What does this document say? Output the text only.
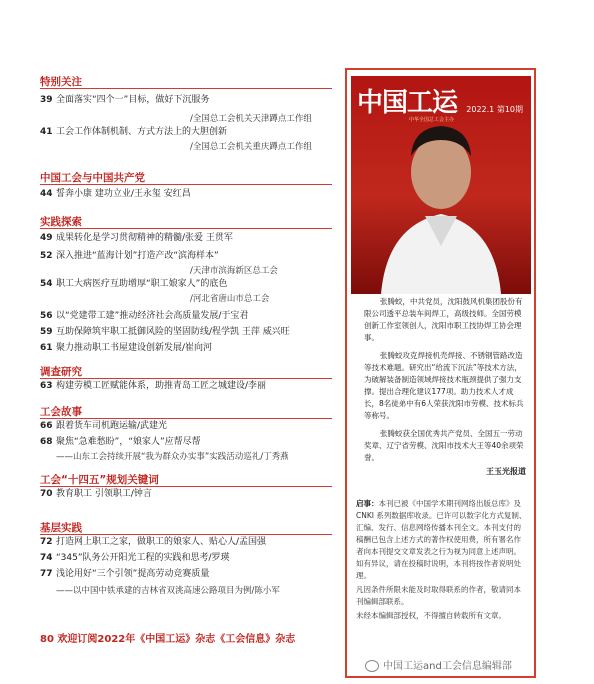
特别关注
39 全面落实“四个一”目标，做好下沉服务
/全国总工会机关天津蹲点工作组
41 工会工作体制机制、方式方法上的大胆创新
/全国总工会机关重庆蹲点工作组
中国工会与中国共产党
44 誓奔小康 建功立业/王永玺 安红昌
实践探索
49 成果转化是学习贯彻精神的精髓/张爱 王贯军
52 深入推进“蓝海计划”打造产改“滨海样本”
/天津市滨海新区总工会
54 职工大病医疗互助增厚“职工娘家人”的底色
/河北省唐山市总工会
56 以“党建带工建”推动经济社会高质量发展/于宝君
59 互助保障筑牢职工抵御风险的坚固防线/程学凯 王萍 威兴旺
61 聚力推动职工书屋建设创新发展/崔向河
调查研究
63 构建劳模工匠赋能体系，助推青岛工匠之城建设/李丽
工会故事
66 跟着货车司机跑运输/武建光
68 聚焦“急难愁盼”，“娘家人”应帮尽帮
——山东工会持续开展“我为群众办实事”实践活动巡礼/丁秀燕
工会“十四五”规划关键词
70 教育职工 引领职工/钟言
基层实践
72 打造网上职工之家，做职工的娘家人、贴心人/孟国强
74 “345”队务公开阳光工程的实践和思考/罗瑛
77 浅论用好“三个引领”提高劳动竞赛质量
——以中国中铁承建的吉林省双洮高速公路项目为例/陈小军
中国工运 2022.1 第10期
中华全国总工会主办

张腾蛟，中共党员，沈阳鼓风机集团股份有限公司透平总装车间焊工，高级技师。全国劳模创新工作室领创人，沈阳市职工技协焊工协会理事。

张腾蛟攻克焊接机壳焊接、不锈钢管路改造等技术难题。研究出“给流下沉法”等技术方法，为破解装备制造领域焊接技术瓶颈提供了强力支撑。提出合理化建议177项。助力技术人才成长，8名徒弟中有6人荣获沈阳市劳模、技术标兵等称号。

张腾蛟获全国优秀共产党员、全国五一劳动奖章、辽宁省劳模、沈阳市技术大王等40余项荣誉。

王玉光报道

启事：本刊已被《中国学术期刊网络出版总库》及 CNKI 系列数据库收录。已许可以数字化方式复制、汇编、发行、信息网络传播本刊全文。本刊支付的稿酬已包含上述方式的著作权使用费，所有署名作者向本刊提交文章发表之行为视为同意上述声明。如有异议，请在投稿时说明，本刊将按作者说明处理。

凡因条件所限未能及时取得联系的作者，敬请同本刊编辑部联系。

未经本编辑部授权，不得擅自转载所有文章。

80 欢迎订阅2022年《中国工运》杂志《工会信息》杂志
中国工运and工会信息编辑部
